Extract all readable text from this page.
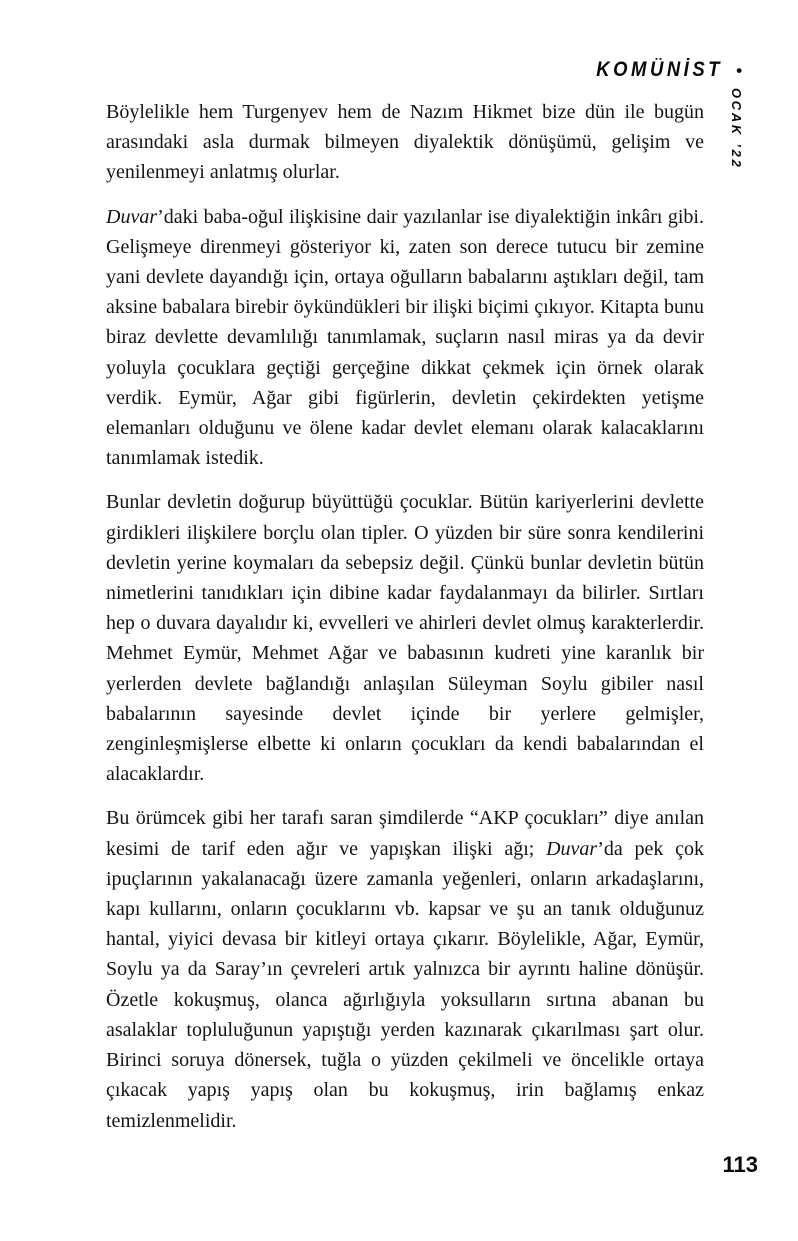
KOMÜNİST •
OCAK ’22

Böylelikle hem Turgenyev hem de Nazım Hikmet bize dün ile bugün arasındaki asla durmak bilmeyen diyalektik dönüşümü, gelişim ve yenilenmeyi anlatmış olurlar.

Duvar’daki baba-oğul ilişkisine dair yazılanlar ise diyalektiğin inkârı gibi. Gelişmeye direnmeyi gösteriyor ki, zaten son derece tutucu bir zemine yani devlete dayandığı için, ortaya oğulların babalarını aştıkları değil, tam aksine babalara birebir öykündükleri bir ilişki biçimi çıkıyor. Kitapta bunu biraz devlette devamlılığı tanımlamak, suçların nasıl miras ya da devir yoluyla çocuklara geçtiği gerçeğine dikkat çekmek için örnek olarak verdik. Eymür, Ağar gibi figürlerin, devletin çekirdekten yetişme elemanları olduğunu ve ölene kadar devlet elemanı olarak kalacaklarını tanımlamak istedik.

Bunlar devletin doğurup büyüttüğü çocuklar. Bütün kariyerlerini devlette girdikleri ilişkilere borçlu olan tipler. O yüzden bir süre sonra kendilerini devletin yerine koymaları da sebepsiz değil. Çünkü bunlar devletin bütün nimetlerini tanıdıkları için dibine kadar faydalanmayı da bilirler. Sırtları hep o duvara dayalıdır ki, evvelleri ve ahirleri devlet olmuş karakterlerdir. Mehmet Eymür, Mehmet Ağar ve babasının kudreti yine karanlık bir yerlerden devlete bağlandığı anlaşılan Süleyman Soylu gibiler nasıl babalarının sayesinde devlet içinde bir yerlere gelmişler, zenginleşmişlerse elbette ki onların çocukları da kendi babalarından el alacaklardır.

Bu örümcek gibi her tarafı saran şimdilerde “AKP çocukları” diye anılan kesimi de tarif eden ağır ve yapışkan ilişki ağı; Duvar’da pek çok ipuçlarının yakalanacağı üzere zamanla yeğenleri, onların arkadaşlarını, kapı kullarını, onların çocuklarını vb. kapsar ve şu an tanık olduğunuz hantal, yiyici devasa bir kitleyi ortaya çıkarır. Böylelikle, Ağar, Eymür, Soylu ya da Saray’ın çevreleri artık yalnızca bir ayrıntı haline dönüşür. Özetle kokuşmuş, olanca ağırlığıyla yoksulların sırtına abanan bu asalaklar topluluğunun yapıştığı yerden kazınarak çıkarılması şart olur. Birinci soruya dönersek, tuğla o yüzden çekilmeli ve öncelikle ortaya çıkacak yapış yapış olan bu kokuşmuş, irin bağlamış enkaz temizlenmelidir.

113
